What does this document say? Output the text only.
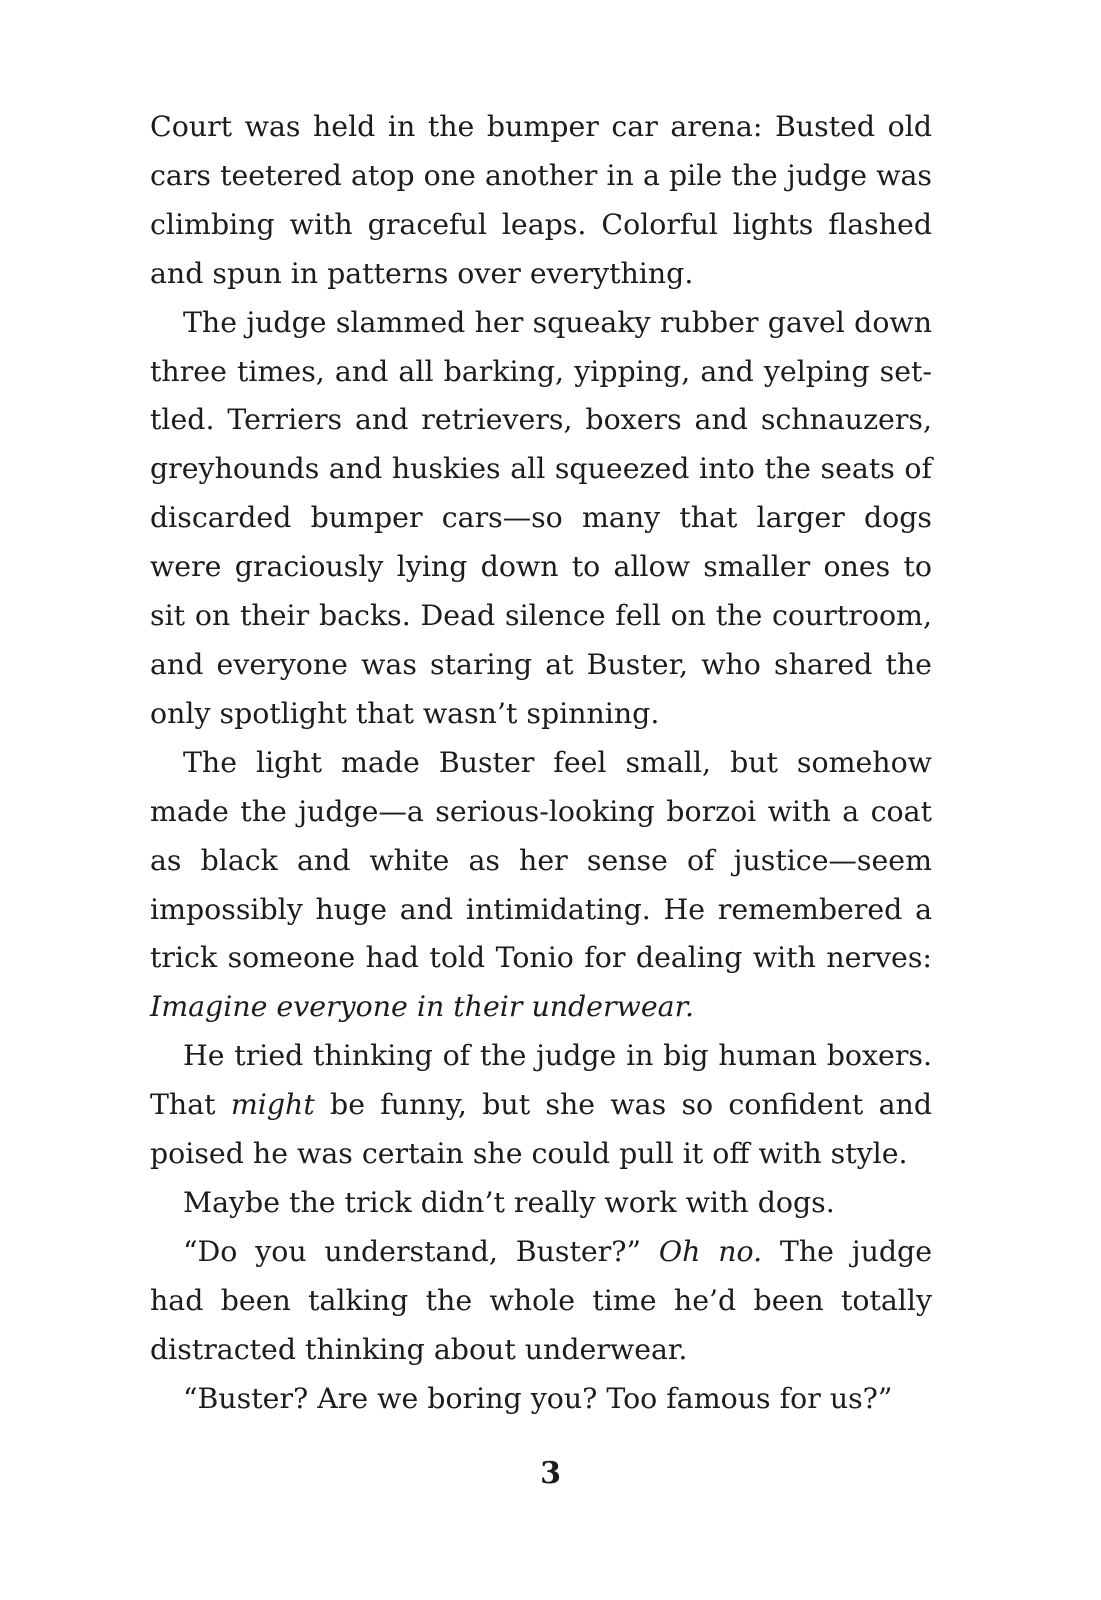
Court was held in the bumper car arena: Busted old cars teetered atop one another in a pile the judge was climbing with graceful leaps. Colorful lights flashed and spun in patterns over everything.

The judge slammed her squeaky rubber gavel down three times, and all barking, yipping, and yelping settled. Terriers and retrievers, boxers and schnauzers, greyhounds and huskies all squeezed into the seats of discarded bumper cars—so many that larger dogs were graciously lying down to allow smaller ones to sit on their backs. Dead silence fell on the courtroom, and everyone was staring at Buster, who shared the only spotlight that wasn’t spinning.

The light made Buster feel small, but somehow made the judge—a serious-looking borzoi with a coat as black and white as her sense of justice—seem impossibly huge and intimidating. He remembered a trick someone had told Tonio for dealing with nerves: Imagine everyone in their underwear.

He tried thinking of the judge in big human boxers. That might be funny, but she was so confident and poised he was certain she could pull it off with style.

Maybe the trick didn’t really work with dogs.

“Do you understand, Buster?” Oh no. The judge had been talking the whole time he’d been totally distracted thinking about underwear.

“Buster? Are we boring you? Too famous for us?”

3
